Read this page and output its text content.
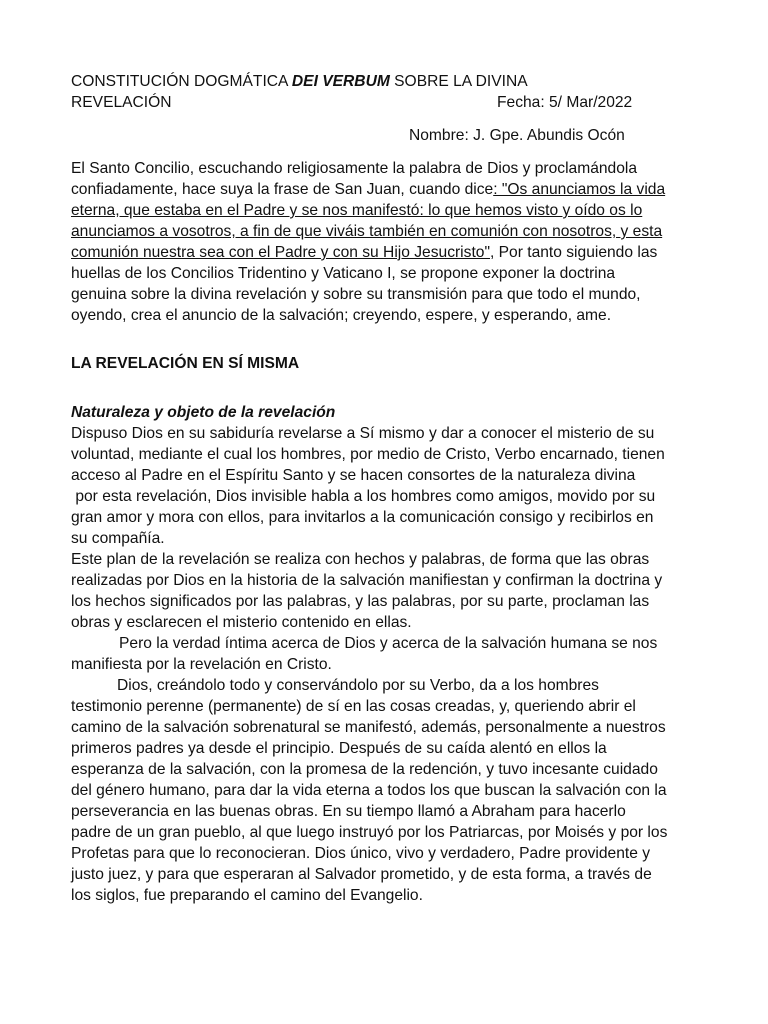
CONSTITUCIÓN DOGMÁTICA DEI VERBUM SOBRE LA DIVINA
REVELACIÓN	Fecha: 5/ Mar/2022
Nombre: J. Gpe. Abundis Ocón
El Santo Concilio, escuchando religiosamente la palabra de Dios y proclamándola
confiadamente, hace suya la frase de San Juan, cuando dice: "Os anunciamos la vida
eterna, que estaba en el Padre y se nos manifestó: lo que hemos visto y oído os lo
anunciamos a vosotros, a fin de que viváis también en comunión con nosotros, y esta
comunión nuestra sea con el Padre y con su Hijo Jesucristo", Por tanto siguiendo las
huellas de los Concilios Tridentino y Vaticano I, se propone exponer la doctrina
genuina sobre la divina revelación y sobre su transmisión para que todo el mundo,
oyendo, crea el anuncio de la salvación; creyendo, espere, y esperando, ame.
LA REVELACIÓN EN SÍ MISMA
Naturaleza y objeto de la revelación
Dispuso Dios en su sabiduría revelarse a Sí mismo y dar a conocer el misterio de su
voluntad, mediante el cual los hombres, por medio de Cristo, Verbo encarnado, tienen
acceso al Padre en el Espíritu Santo y se hacen consortes de la naturaleza divina
por esta revelación, Dios invisible habla a los hombres como amigos, movido por su
gran amor y mora con ellos, para invitarlos a la comunicación consigo y recibirlos en
su compañía.
Este plan de la revelación se realiza con hechos y palabras, de forma que las obras
realizadas por Dios en la historia de la salvación manifiestan y confirman la doctrina y
los hechos significados por las palabras, y las palabras, por su parte, proclaman las
obras y esclarecen el misterio contenido en ellas.
Pero la verdad íntima acerca de Dios y acerca de la salvación humana se nos
manifiesta por la revelación en Cristo.
Dios, creándolo todo y conservándolo por su Verbo, da a los hombres
testimonio perenne (permanente) de sí en las cosas creadas, y, queriendo abrir el
camino de la salvación sobrenatural se manifestó, además, personalmente a nuestros
primeros padres ya desde el principio. Después de su caída alentó en ellos la
esperanza de la salvación, con la promesa de la redención, y tuvo incesante cuidado
del género humano, para dar la vida eterna a todos los que buscan la salvación con la
perseverancia en las buenas obras. En su tiempo llamó a Abraham para hacerlo
padre de un gran pueblo, al que luego instruyó por los Patriarcas, por Moisés y por los
Profetas para que lo reconocieran. Dios único, vivo y verdadero, Padre providente y
justo juez, y para que esperaran al Salvador prometido, y de esta forma, a través de
los siglos, fue preparando el camino del Evangelio.
